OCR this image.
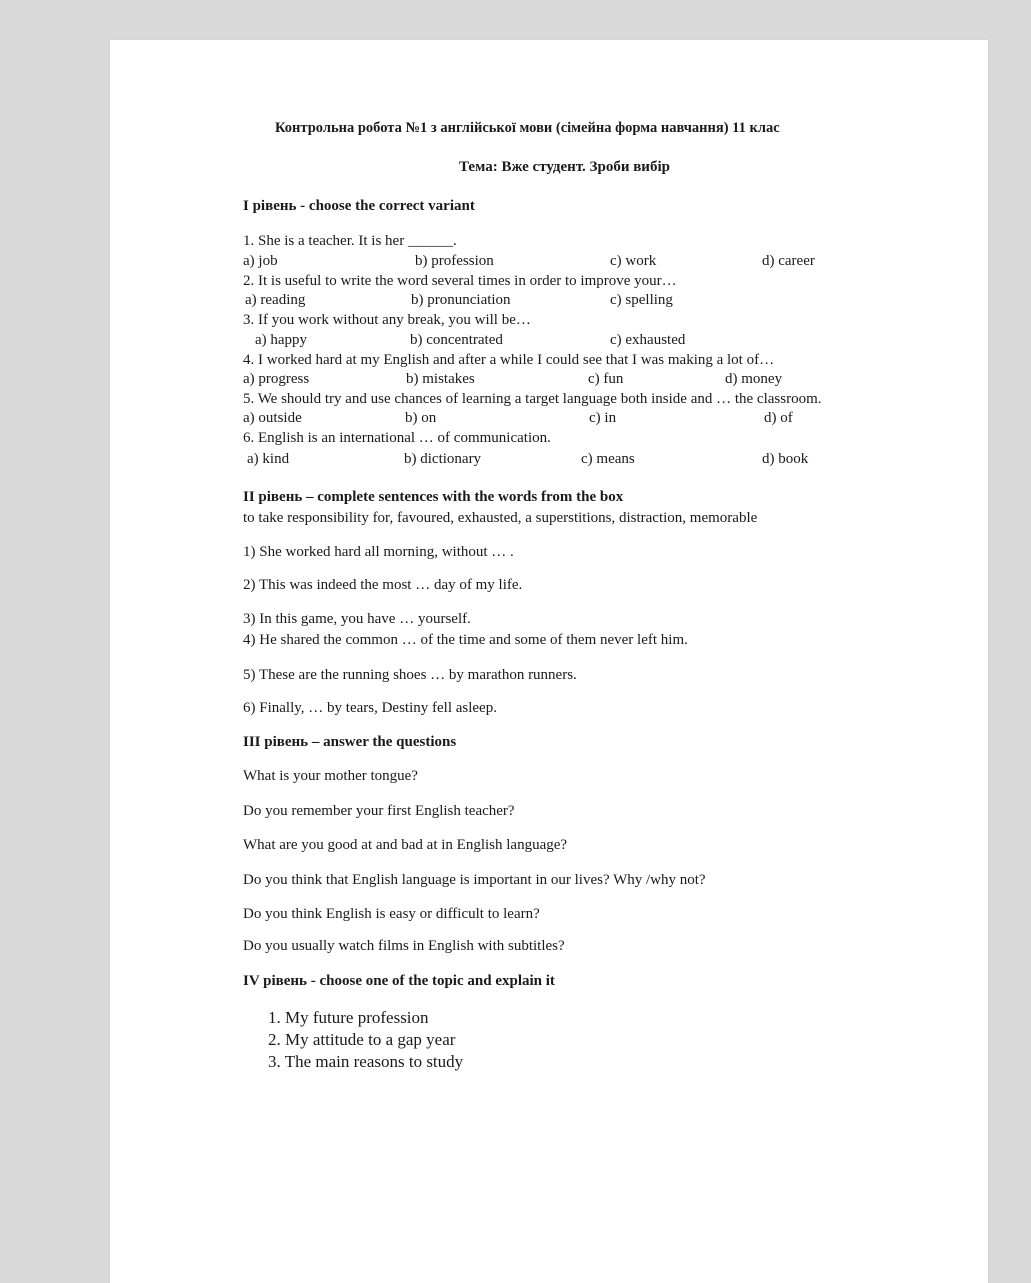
Контрольна робота №1 з англійської мови (сімейна форма навчання) 11 клас
Тема: Вже студент. Зроби вибір
I рівень - choose the correct variant
1. She is a teacher. It is her ______.
a) job	b) profession	c) work	d) career
2. It is useful to write the word several times in order to improve your…
a) reading	b) pronunciation	c) spelling
3. If you work without any break, you will be…
a) happy	b) concentrated	c) exhausted
4. I worked hard at my English and after a while I could see that I was making a lot of…
a) progress	b) mistakes	c) fun	d) money
5. We should try and use chances of learning a target language both inside and … the classroom.
a) outside	b) on	c) in	d) of
6. English is an international … of communication.
a) kind	b) dictionary	c) means	d) book
II рівень – complete sentences with the words from the box
to take responsibility for, favoured, exhausted, a superstitions, distraction, memorable
1) She worked hard all morning, without … .
2) This was indeed the most … day of my life.
3) In this game, you have … yourself.
4) He shared the common … of the time and some of them never left him.
5) These are the running shoes … by marathon runners.
6) Finally, … by tears, Destiny fell asleep.
III рівень – answer the questions
What is your mother tongue?
Do you remember your first English teacher?
What are you good at and bad at in English language?
Do you think that English language is important in our lives? Why /why not?
Do you think English is easy or difficult to learn?
Do you usually watch films in English with subtitles?
IV рівень - choose one of the topic and explain it
1. My future profession
2. My attitude to a gap year
3. The main reasons to study
